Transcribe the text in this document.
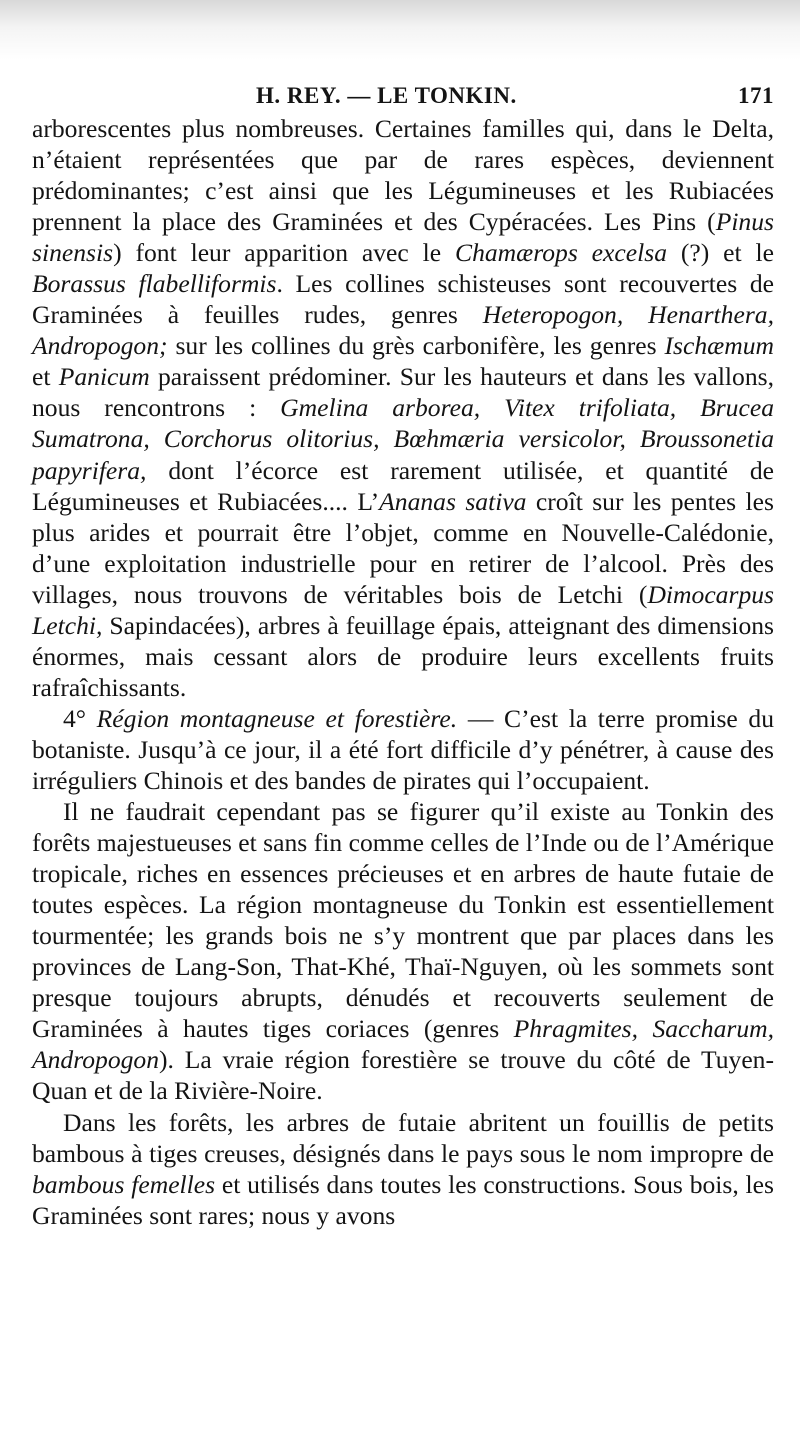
H. REY. — LE TONKIN.	171

arborescentes plus nombreuses. Certaines familles qui, dans le Delta, n’étaient représentées que par de rares espèces, deviennent prédominantes; c’est ainsi que les Légumineuses et les Rubiacées prennent la place des Graminées et des Cypéracées. Les Pins (Pinus sinensis) font leur apparition avec le Chamærops excelsa (?) et le Borassus flabelliformis. Les collines schisteuses sont recouvertes de Graminées à feuilles rudes, genres Heteropogon, Henarthera, Andropogon; sur les collines du grès carbonifère, les genres Ischæmum et Panicum paraissent prédominer. Sur les hauteurs et dans les vallons, nous rencontrons : Gmelina arborea, Vitex trifoliata, Brucea Sumatrona, Corchorus olitorius, Bœhmæria versicolor, Broussonetia papyrifera, dont l’écorce est rarement utilisée, et quantité de Légumineuses et Rubiacées.... L’Ananas sativa croît sur les pentes les plus arides et pourrait être l’objet, comme en Nouvelle-Calédonie, d’une exploitation industrielle pour en retirer de l’alcool. Près des villages, nous trouvons de véritables bois de Letchi (Dimocarpus Letchi, Sapindacées), arbres à feuillage épais, atteignant des dimensions énormes, mais cessant alors de produire leurs excellents fruits rafraîchissants.

4° Région montagneuse et forestière. — C’est la terre promise du botaniste. Jusqu’à ce jour, il a été fort difficile d’y pénétrer, à cause des irréguliers Chinois et des bandes de pirates qui l’occupaient.

Il ne faudrait cependant pas se figurer qu’il existe au Tonkin des forêts majestueuses et sans fin comme celles de l’Inde ou de l’Amérique tropicale, riches en essences précieuses et en arbres de haute futaie de toutes espèces. La région montagneuse du Tonkin est essentiellement tourmentée; les grands bois ne s’y montrent que par places dans les provinces de Lang-Son, That-Khé, Thaï-Nguyen, où les sommets sont presque toujours abrupts, dénudés et recouverts seulement de Graminées à hautes tiges coriaces (genres Phragmites, Saccharum, Andropogon). La vraie région forestière se trouve du côté de Tuyen-Quan et de la Rivière-Noire.

Dans les forêts, les arbres de futaie abritent un fouillis de petits bambous à tiges creuses, désignés dans le pays sous le nom impropre de bambous femelles et utilisés dans toutes les constructions. Sous bois, les Graminées sont rares; nous y avons
